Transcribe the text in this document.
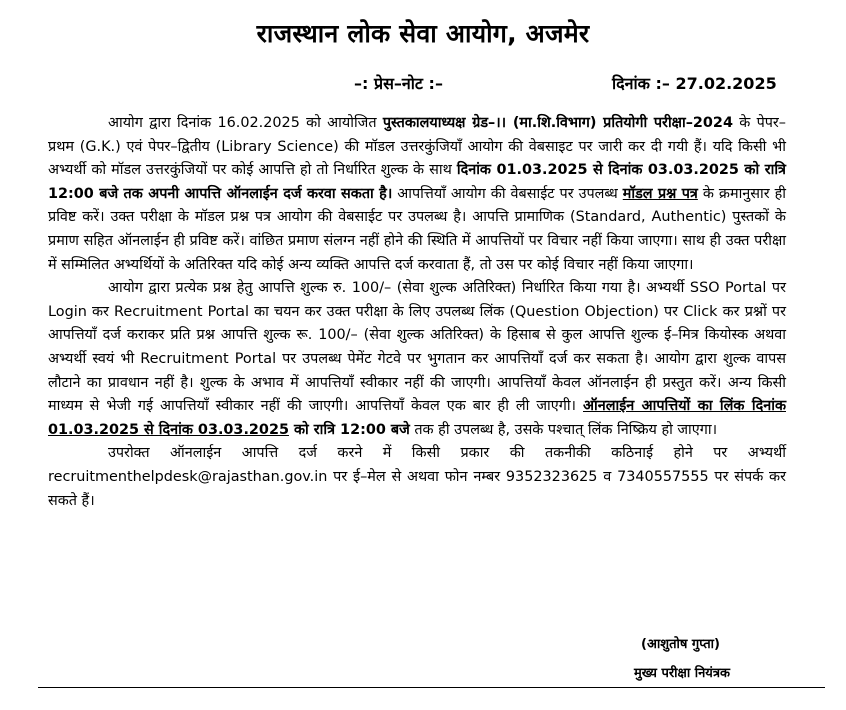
राजस्थान लोक सेवा आयोग, अजमेर
–: प्रेस–नोट :–	दिनांक :– 27.02.2025

आयोग द्वारा दिनांक 16.02.2025 को आयोजित पुस्तकालयाध्यक्ष ग्रेड–।। (मा.शि.विभाग) प्रतियोगी परीक्षा–2024 के पेपर–प्रथम (G.K.) एवं पेपर–द्वितीय (Library Science) की मॉडल उत्तरकुंजियाँ आयोग की वेबसाइट पर जारी कर दी गयी हैं। यदि किसी भी अभ्यर्थी को मॉडल उत्तरकुंजियों पर कोई आपत्ति हो तो निर्धारित शुल्क के साथ दिनांक 01.03.2025 से दिनांक 03.03.2025 को रात्रि 12:00 बजे तक अपनी आपत्ति ऑनलाईन दर्ज करवा सकता है। आपत्तियाँ आयोग की वेबसाईट पर उपलब्ध मॉडल प्रश्न पत्र के क्रमानुसार ही प्रविष्ट करें। उक्त परीक्षा के मॉडल प्रश्न पत्र आयोग की वेबसाईट पर उपलब्ध है। आपत्ति प्रामाणिक (Standard, Authentic) पुस्तकों के प्रमाण सहित ऑनलाईन ही प्रविष्ट करें। वांछित प्रमाण संलग्न नहीं होने की स्थिति में आपत्तियों पर विचार नहीं किया जाएगा। साथ ही उक्त परीक्षा में सम्मिलित अभ्यर्थियों के अतिरिक्त यदि कोई अन्य व्यक्ति आपत्ति दर्ज करवाता हैं, तो उस पर कोई विचार नहीं किया जाएगा।

आयोग द्वारा प्रत्येक प्रश्न हेतु आपत्ति शुल्क रु. 100/– (सेवा शुल्क अतिरिक्त) निर्धारित किया गया है। अभ्यर्थी SSO Portal पर Login कर Recruitment Portal का चयन कर उक्त परीक्षा के लिए उपलब्ध लिंक (Question Objection) पर Click कर प्रश्नों पर आपत्तियाँ दर्ज कराकर प्रति प्रश्न आपत्ति शुल्क रू. 100/– (सेवा शुल्क अतिरिक्त) के हिसाब से कुल आपत्ति शुल्क ई–मित्र कियोस्क अथवा अभ्यर्थी स्वयं भी Recruitment Portal पर उपलब्ध पेमेंट गेटवे पर भुगतान कर आपत्तियाँ दर्ज कर सकता है। आयोग द्वारा शुल्क वापस लौटाने का प्रावधान नहीं है। शुल्क के अभाव में आपत्तियाँ स्वीकार नहीं की जाएगी। आपत्तियाँ केवल ऑनलाईन ही प्रस्तुत करें। अन्य किसी माध्यम से भेजी गई आपत्तियाँ स्वीकार नहीं की जाएगी। आपत्तियाँ केवल एक बार ही ली जाएगी। ऑनलाईन आपत्तियों का लिंक दिनांक 01.03.2025 से दिनांक 03.03.2025 को रात्रि 12:00 बजे तक ही उपलब्ध है, उसके पश्चात् लिंक निष्क्रिय हो जाएगा।

उपरोक्त ऑनलाईन आपत्ति दर्ज करने में किसी प्रकार की तकनीकी कठिनाई होने पर अभ्यर्थी recruitmenthelpdesk@rajasthan.gov.in पर ई–मेल से अथवा फोन नम्बर 9352323625 व 7340557555 पर संपर्क कर सकते हैं।

(आशुतोष गुप्ता)
मुख्य परीक्षा नियंत्रक
